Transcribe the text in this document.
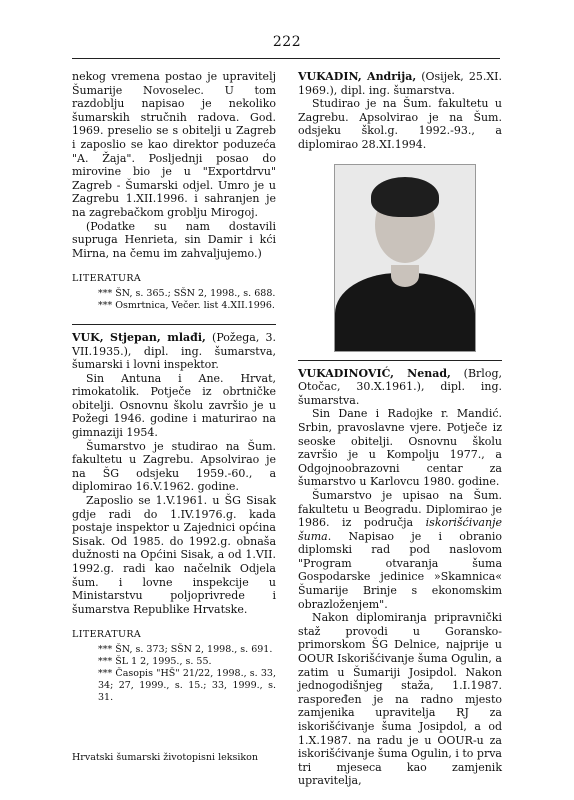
222

nekog vremena postao je upravitelj Šumarije Novoselec. U tom razdoblju napisao je nekoliko šumarskih stručnih radova. God. 1969. preselio se s obitelji u Zagreb i zaposlio se kao direktor poduzeća "A. Žaja". Posljednji posao do mirovine bio je u "Exportdrvu" Zagreb - Šumarski odjel. Umro je u Zagrebu 1.XII.1996. i sahranjen je na zagrebačkom groblju Mirogoj.

(Podatke su nam dostavili supruga Henrieta, sin Damir i kći Mirna, na čemu im zahvaljujemo.)

LITERATURA

*** ŠN, s. 365.; SŠN 2, 1998., s. 688.

*** Osmrtnica, Večer. list 4.XII.1996.

VUK, Stjepan, mlađi, (Požega, 3. VII.1935.), dipl. ing. šumarstva, šumarski i lovni inspektor.

Sin Antuna i Ane. Hrvat, rimokatolik. Potječe iz obrtničke obitelji. Osnovnu školu završio je u Požegi 1946. godine i maturirao na gimnaziji 1954.

Šumarstvo je studirao na Šum. fakultetu u Zagrebu. Apsolvirao je na ŠG odsjeku 1959.-60., a diplomirao 16.V.1962. godine.

Zaposlio se 1.V.1961. u ŠG Sisak gdje radi do 1.IV.1976.g. kada postaje inspektor u Zajednici općina Sisak. Od 1985. do 1992.g. obnaša dužnosti na Općini Sisak, a od 1.VII. 1992.g. radi kao načelnik Odjela šum. i lovne inspekcije u Ministarstvu poljoprivrede i šumarstva Republike Hrvatske.

LITERATURA

*** ŠN, s. 373; SŠN 2, 1998., s. 691.

*** ŠL 1 2, 1995., s. 55.

*** Časopis "HŠ" 21/22, 1998., s. 33, 34; 27, 1999., s. 15.; 33, 1999., s. 31.

VUKADIN, Andrija, (Osijek, 25.XI. 1969.), dipl. ing. šumarstva.

Studirao je na Šum. fakultetu u Zagrebu. Apsolvirao je na Šum. odsjeku škol.g. 1992.-93., a diplomirao 28.XI.1994.

VUKADINOVIĆ, Nenad, (Brlog, Otočac, 30.X.1961.), dipl. ing. šumarstva.

Sin Dane i Radojke r. Mandić. Srbin, pravoslavne vjere. Potječe iz seoske obitelji. Osnovnu školu završio je u Kompolju 1977., a Odgojnoobrazovni centar za šumarstvo u Karlovcu 1980. godine.

Šumarstvo je upisao na Šum. fakultetu u Beogradu. Diplomirao je 1986. iz područja iskorišćivanje šuma. Napisao je i obranio diplomski rad pod naslovom "Program otvaranja šuma Gospodarske jedinice »Skamnica« Šumarije Brinje s ekonomskim obrazloženjem".

Nakon diplomiranja pripravnički staž provodi u Goransko-primorskom ŠG Delnice, najprije u OOUR Iskorišćivanje šuma Ogulin, a zatim u Šumariji Josipdol. Nakon jednogodišnjeg staža, 1.I.1987. raspoređen je na radno mjesto zamjenika upravitelja RJ za iskorišćivanje šuma Josipdol, a od 1.X.1987. na radu je u OOUR-u za iskorišćivanje šuma Ogulin, i to prva tri mjeseca kao zamjenik upravitelja,

Hrvatski šumarski životopisni leksikon
